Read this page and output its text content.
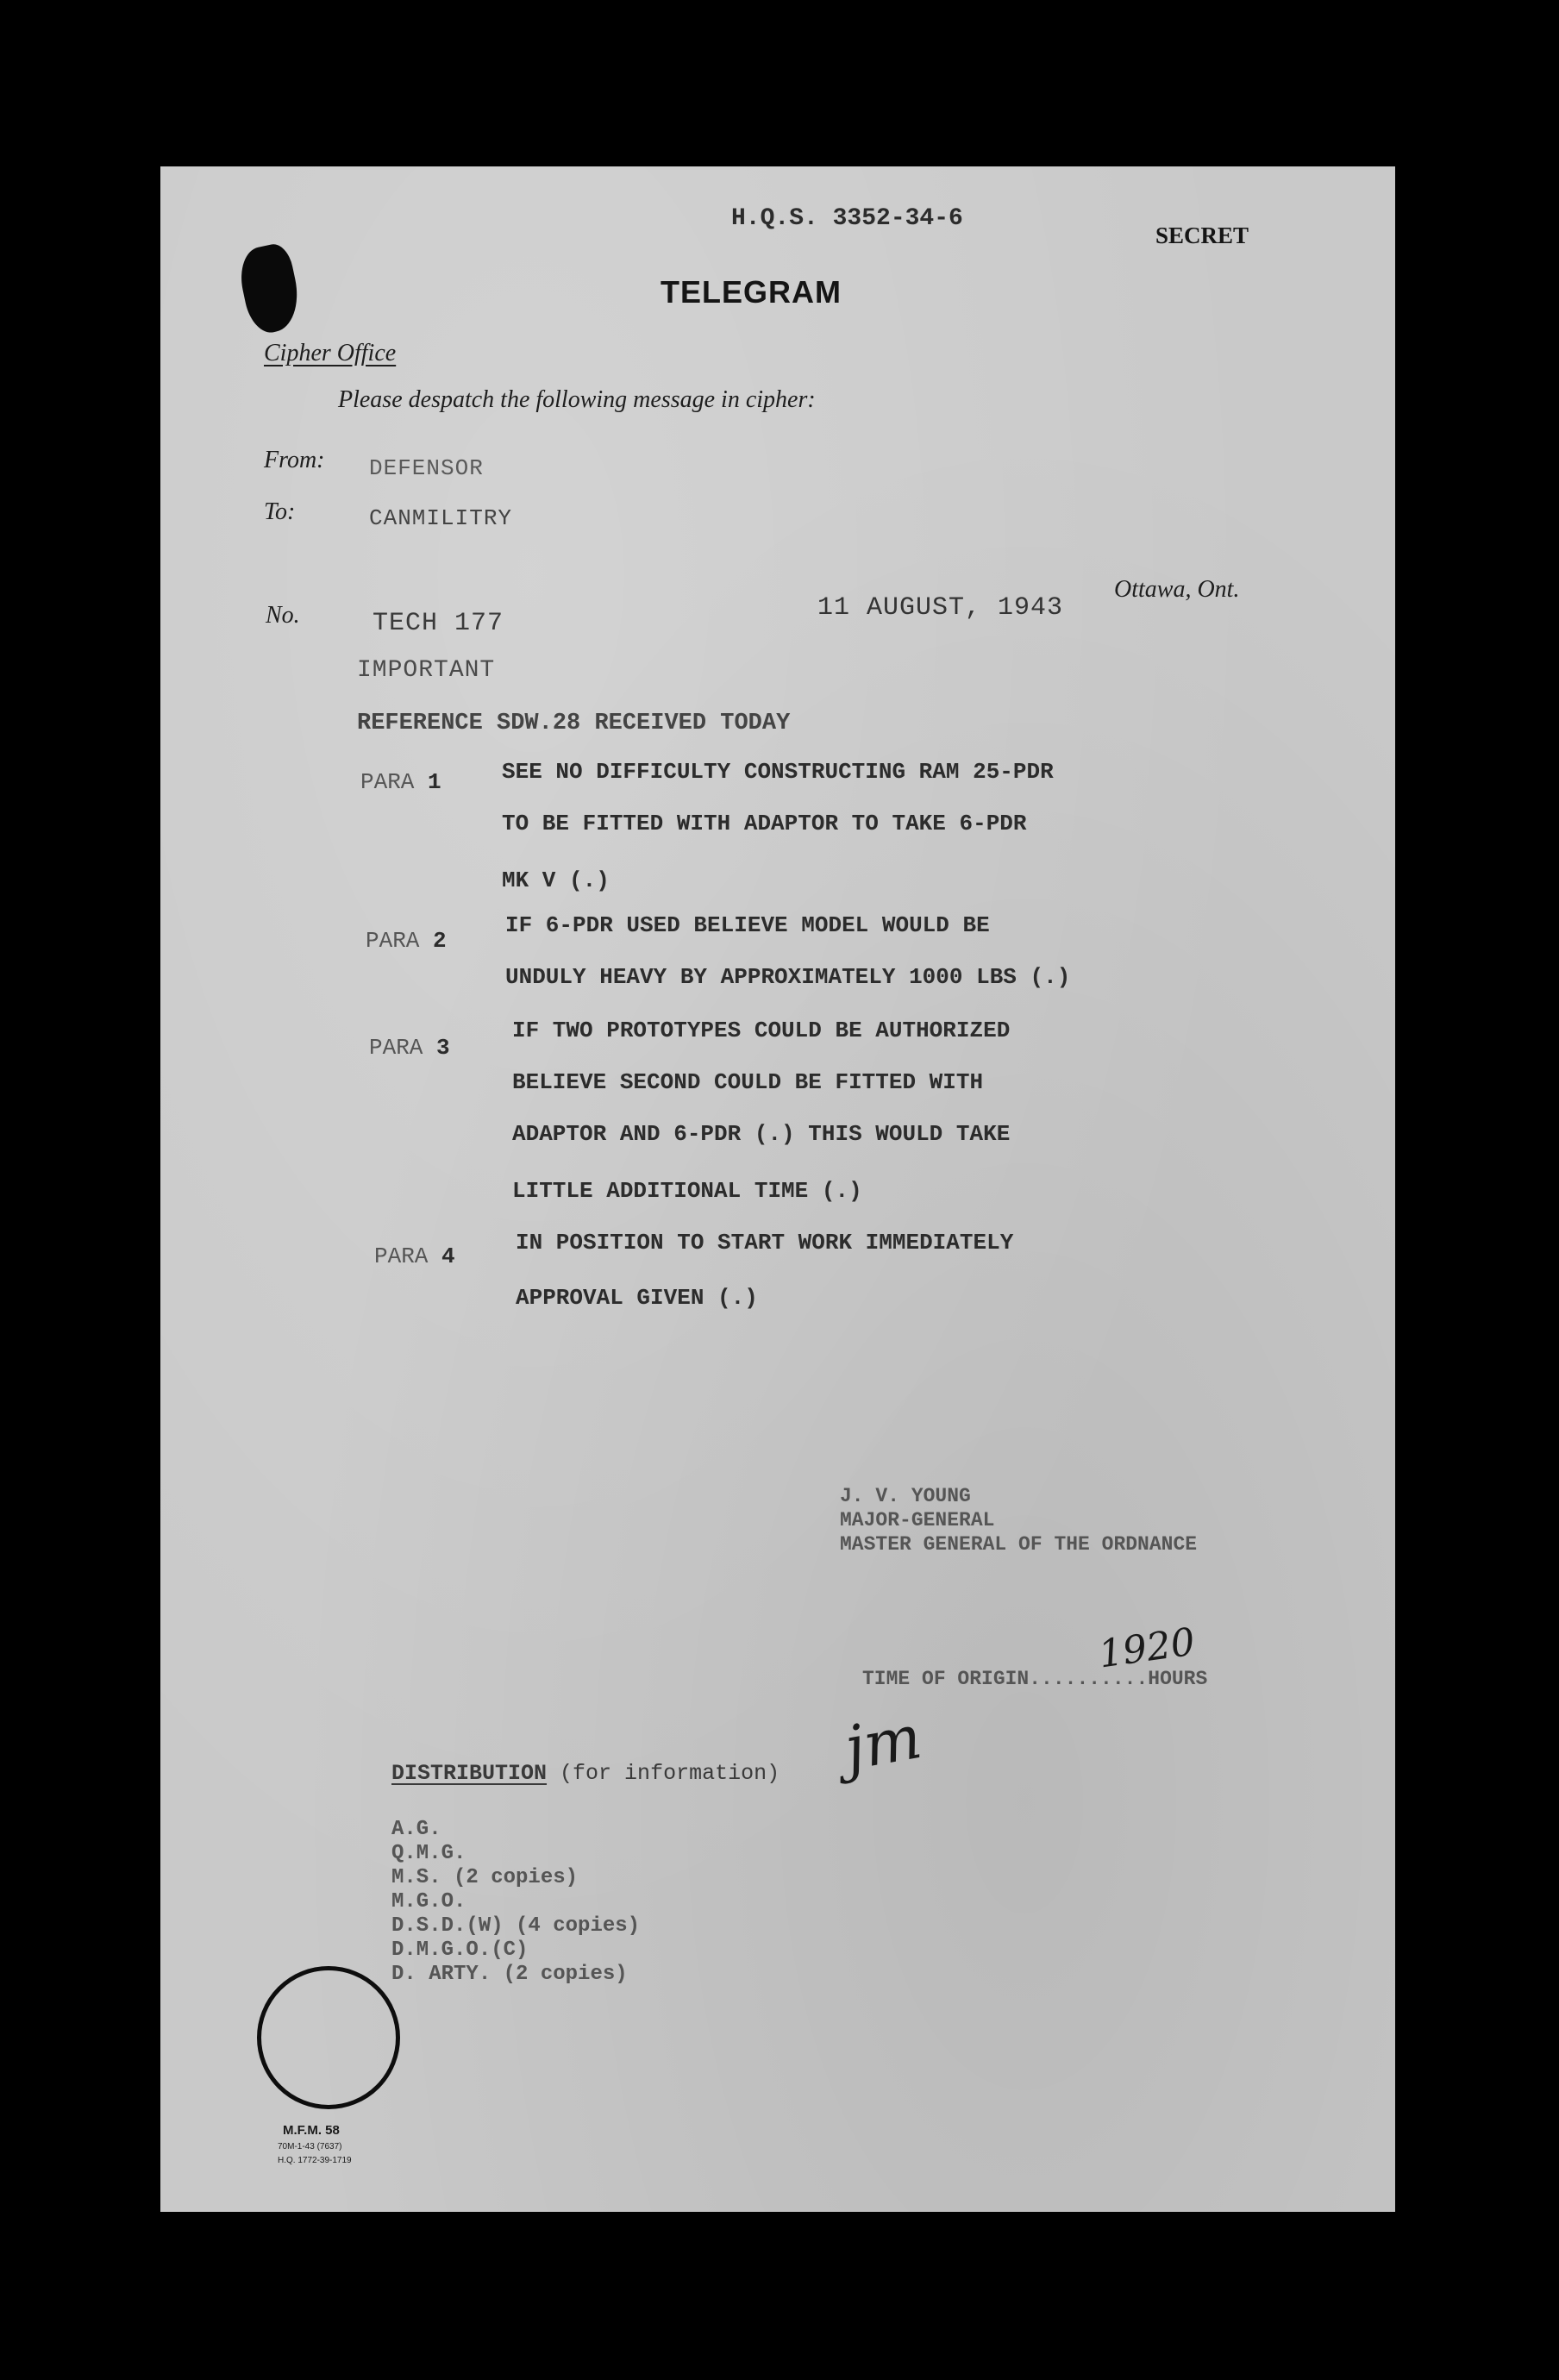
H.Q.S. 3352-34-6
SECRET
TELEGRAM
Cipher Office
Please despatch the following message in cipher:
From: DEFENSOR
To:	CANMILITRY
No.	TECH 177
11 AUGUST, 1943
Ottawa, Ont.
IMPORTANT
REFERENCE SDW.28 RECEIVED TODAY
PARA 1	SEE NO DIFFICULTY CONSTRUCTING RAM 25-PDR
TO BE FITTED WITH ADAPTOR TO TAKE 6-PDR
MK V (.)
PARA 2
IF 6-PDR USED BELIEVE MODEL WOULD BE
UNDULY HEAVY BY APPROXIMATELY 1000 LBS (.)
PARA 3
IF TWO PROTOTYPES COULD BE AUTHORIZED
BELIEVE SECOND COULD BE FITTED WITH
ADAPTOR AND 6-PDR (.) THIS WOULD TAKE
LITTLE ADDITIONAL TIME (.)
PARA 4
IN POSITION TO START WORK IMMEDIATELY
APPROVAL GIVEN (.)
J. V. YOUNG
MAJOR-GENERAL
MASTER GENERAL OF THE ORDNANCE
TIME OF ORIGIN..........HOURS
1920
DISTRIBUTION (for information) jm
A.G.
Q.M.G.
M.S. (2 copies)
M.G.O.
D.S.D.(W) (4 copies)
D.M.G.O.(C)
D. ARTY. (2 copies)
M.F.M. 58
70M-1-43 (7637)
H.Q. 1772-39-1719
